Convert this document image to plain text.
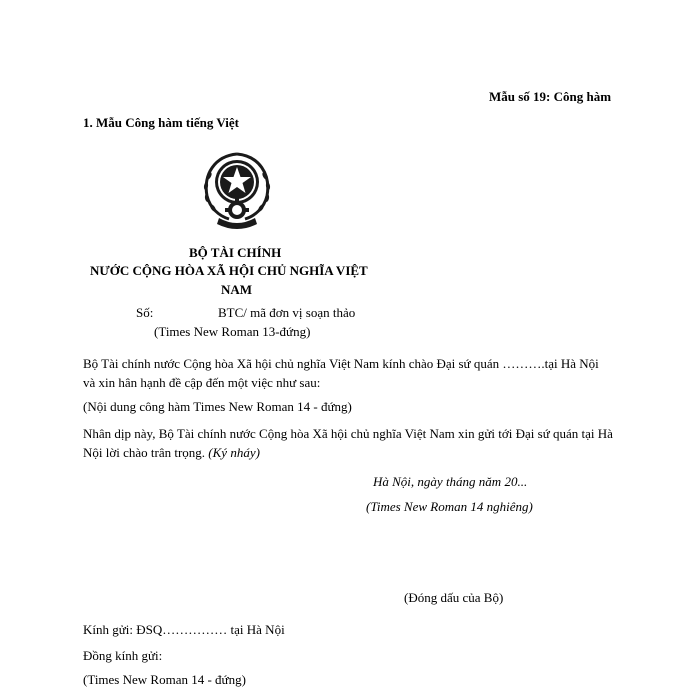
Mẫu số 19: Công hàm
1. Mẫu Công hàm tiếng Việt
BỘ TÀI CHÍNH
NƯỚC CỘNG HÒA XÃ HỘI CHỦ NGHĨA VIỆT
NAM
Số:	BTC/ mã đơn vị soạn thảo
(Times New Roman 13-đứng)
Bộ Tài chính nước Cộng hòa Xã hội chủ nghĩa Việt Nam kính chào Đại sứ quán ……….tại Hà Nội và xin hân hạnh đề cập đến một việc như sau:
(Nội dung công hàm Times New Roman 14 - đứng)
Nhân dịp này, Bộ Tài chính nước Cộng hòa Xã hội chủ nghĩa Việt Nam xin gửi tới Đại sứ quán tại Hà Nội lời chào trân trọng. (Ký nháy)
Hà Nội, ngày tháng năm 20...
(Times New Roman 14 nghiêng)
(Đóng dấu của Bộ)
Kính gửi: ĐSQ…………… tại Hà Nội
Đồng kính gửi:
(Times New Roman 14 - đứng)
